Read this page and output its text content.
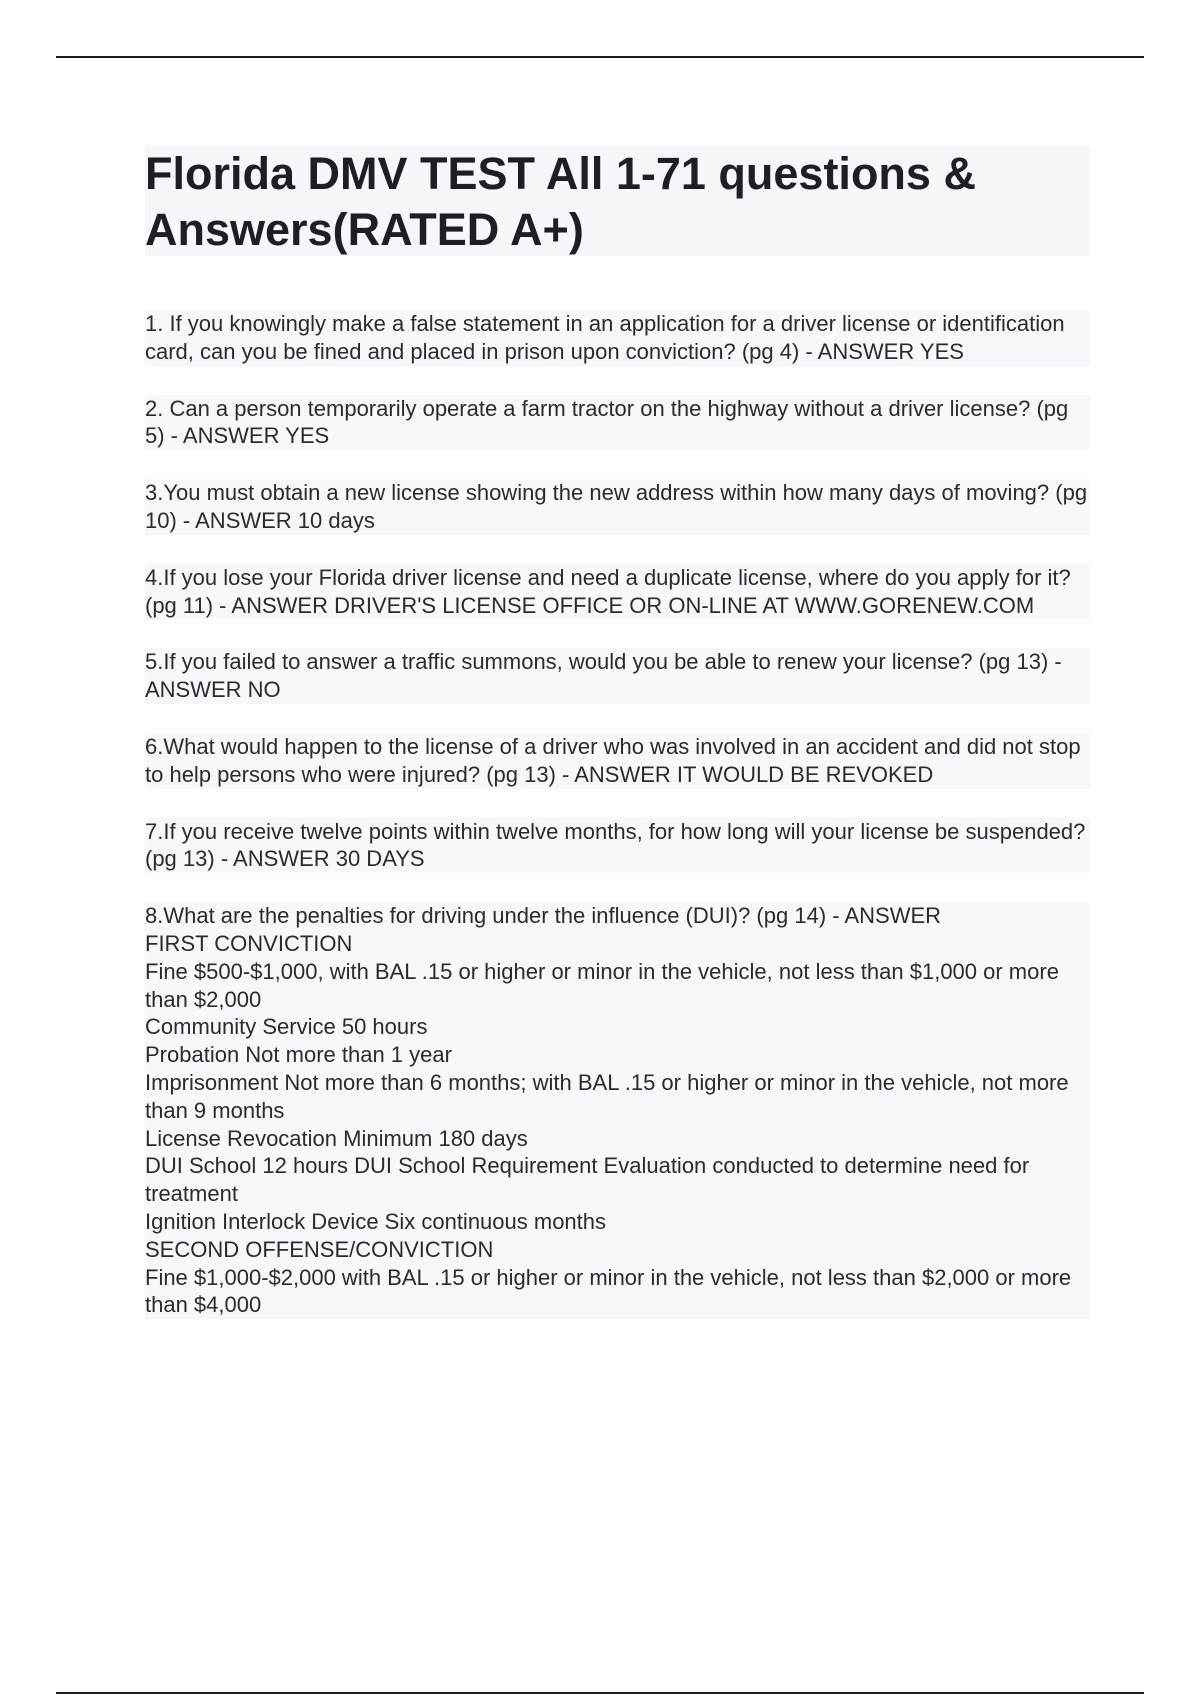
Florida DMV TEST All 1-71 questions & Answers(RATED A+)

1. If you knowingly make a false statement in an application for a driver license or identification card, can you be fined and placed in prison upon conviction? (pg 4) - ANSWER YES

2. Can a person temporarily operate a farm tractor on the highway without a driver license? (pg 5) - ANSWER YES

3.You must obtain a new license showing the new address within how many days of moving? (pg 10) - ANSWER 10 days

4.If you lose your Florida driver license and need a duplicate license, where do you apply for it? (pg 11) - ANSWER DRIVER'S LICENSE OFFICE OR ON-LINE AT WWW.GORENEW.COM

5.If you failed to answer a traffic summons, would you be able to renew your license? (pg 13) - ANSWER NO

6.What would happen to the license of a driver who was involved in an accident and did not stop to help persons who were injured? (pg 13) - ANSWER IT WOULD BE REVOKED

7.If you receive twelve points within twelve months, for how long will your license be suspended? (pg 13) - ANSWER 30 DAYS

8.What are the penalties for driving under the influence (DUI)? (pg 14) - ANSWER
FIRST CONVICTION
Fine $500-$1,000, with BAL .15 or higher or minor in the vehicle, not less than $1,000 or more than $2,000
Community Service 50 hours
Probation Not more than 1 year
Imprisonment Not more than 6 months; with BAL .15 or higher or minor in the vehicle, not more than 9 months
License Revocation Minimum 180 days
DUI School 12 hours DUI School Requirement Evaluation conducted to determine need for treatment
Ignition Interlock Device Six continuous months
SECOND OFFENSE/CONVICTION
Fine $1,000-$2,000 with BAL .15 or higher or minor in the vehicle, not less than $2,000 or more than $4,000
